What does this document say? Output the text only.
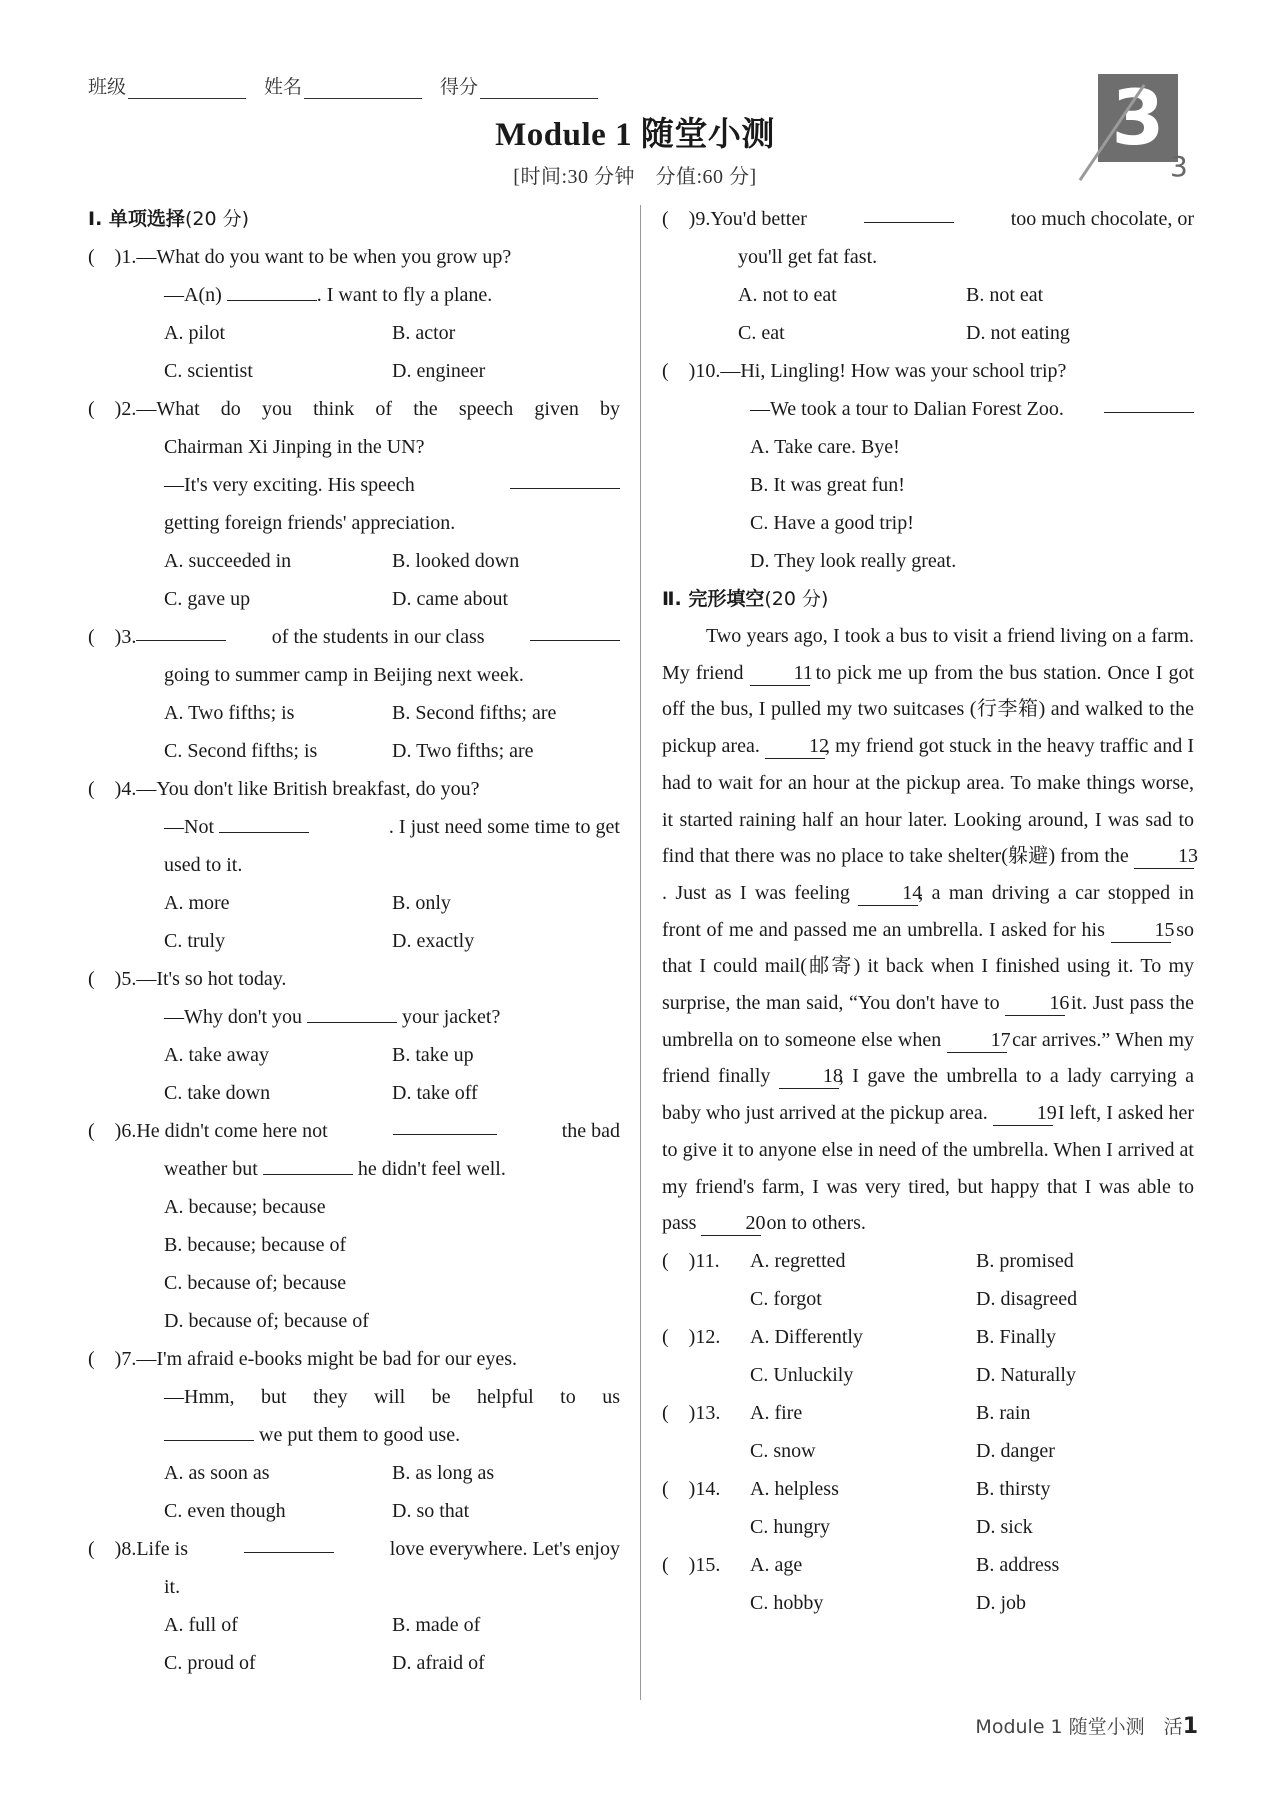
班级	姓名	得分
Module 1 随堂小测
[时间:30 分钟　分值:60 分]
3
3
Ⅰ. 单项选择(20 分)
(　)1. —What do you want to be when you grow up?
—A(n)	. I want to fly a plane.
A. pilot	B. actor
C. scientist	D. engineer
(　)2. —What do you think of the speech given by
Chairman Xi Jinping in the UN?
—It's very exciting. His speech
getting foreign friends' appreciation.
A. succeeded in	B. looked down
C. gave up	D. came about
(　)3.	of the students in our class
going to summer camp in Beijing next week.
A. Two fifths; is	B. Second fifths; are
C. Second fifths; is	D. Two fifths; are
(　)4. —You don't like British breakfast, do you?
—Not	. I just need some time to get
used to it.
A. more	B. only
C. truly	D. exactly
(　)5. —It's so hot today.
—Why don't you	your jacket?
A. take away	B. take up
C. take down	D. take off
(　)6. He didn't come here not	the bad
weather but	he didn't feel well.
A. because; because
B. because; because of
C. because of; because
D. because of; because of
(　)7. —I'm afraid e-books might be bad for our eyes.
—Hmm, but they will be helpful to us
we put them to good use.
A. as soon as	B. as long as
C. even though	D. so that
(　)8. Life is	love everywhere. Let's enjoy
it.
A. full of	B. made of
C. proud of	D. afraid of
(　)9. You'd better	too much chocolate, or
you'll get fat fast.
A. not to eat	B. not eat
C. eat	D. not eating
(　)10. —Hi, Lingling! How was your school trip?
—We took a tour to Dalian Forest Zoo.
A. Take care. Bye!
B. It was great fun!
C. Have a good trip!
D. They look really great.
Ⅱ. 完形填空(20 分)

Two years ago, I took a bus to visit a friend living on a farm. My friend	11 to pick me up from the bus station. Once I got off the bus, I pulled my two suitcases (行李箱) and walked to the pickup area. 12, my friend got stuck in the heavy traffic and I had to wait for an hour at the pickup area. To make things worse, it started raining half an hour later. Looking around, I was sad to find that there was no place to take shelter(躲避) from the 13. Just as I was feeling	14, a man driving a car stopped in front of me and passed me an umbrella. I asked for his 15 so that I could mail(邮寄) it back when I finished using it. To my surprise, the man said, “You don't have to 16 it. Just pass the umbrella on to someone else when 17 car arrives.” When my friend finally	18, I gave the umbrella to a lady carrying a baby who just arrived at the pickup area. 19 I left, I asked her to give it to anyone else in need of the umbrella. When I arrived at my friend's farm, I was very tired, but happy that I was able to pass 20 on to others.

(　)11.	A. regretted	B. promised
C. forgot	D. disagreed
(　)12.	A. Differently	B. Finally
C. Unluckily	D. Naturally
(　)13.	A. fire	B. rain
C. snow	D. danger
(　)14.	A. helpless	B. thirsty
C. hungry	D. sick
(　)15.	A. age	B. address
C. hobby	D. job
Module 1 随堂小测　活1
